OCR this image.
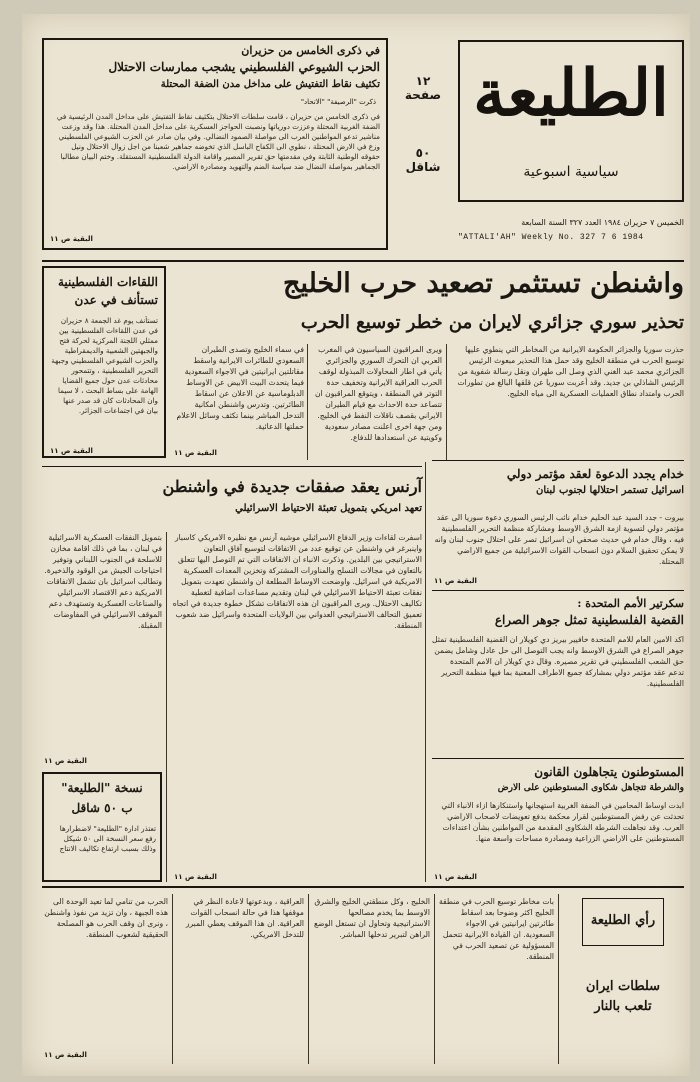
الطليعة
سياسية اسبوعية
١٢
صفحة
٥٠
شاقل
الخميس ٧ حزيران ١٩٨٤ العدد ٣٢٧ السنة السابعة
"ATTALI'AH" Weekly No. 327 7 6 1984
في ذكرى الخامس من حزيران
الحزب الشيوعي الفلسطيني يشجب ممارسات الاحتلال
تكثيف نقاط التفتيش على مداخل مدن الضفة المحتلة
ذكرت "الرصيفة" "الاتحاد"
في ذكرى الخامس من حزيران ، قامت سلطات الاحتلال بتكثيف نقاط التفتيش على مداخل المدن الرئيسية في الضفة الغربية المحتلة وعززت دورياتها ونصبت الحواجز العسكرية على مداخل المدن المحتلة. هذا وقد وزعت مناشير تدعو المواطنين العرب الى مواصلة الصمود النضالي. وفي بيان صادر عن الحزب الشيوعي الفلسطيني وزع في الارض المحتلة ، نطوي الى الكفاح الباسل الذي تخوضه جماهير شعبنا من اجل زوال الاحتلال ونيل حقوقه الوطنية الثابتة وفي مقدمتها حق تقرير المصير واقامة الدولة الفلسطينية المستقلة. وختم البيان مطالبا الجماهير بمواصلة النضال ضد سياسة الضم والتهويد ومصادرة الاراضي.
البقية ص ١١
اللقاءات الفلسطينية
تستأنف في عدن
تستأنف يوم غد الجمعة ٨ حزيران في عدن اللقاءات الفلسطينية بين ممثلي اللجنة المركزية لحركة فتح والجبهتين الشعبية والديمقراطية والحزب الشيوعي الفلسطيني وجبهة التحرير الفلسطينية ، وتتمحور محادثات عدن حول جميع القضايا الهامة على بساط البحث ، لا سيما وان المحادثات كان قد صدر عنها بيان في اجتماعات الجزائر.
البقية ص ١١
واشنطن تستثمر تصعيد حرب الخليج
تحذير سوري جزائري لايران من خطر توسيع الحرب
حذرت سوريا والجزائر الحكومة الايرانية من المخاطر التي ينطوي عليها توسيع الحرب في منطقة الخليج وقد حمل هذا التحذير مبعوث الرئيس الجزائري محمد عبد الغني الذي وصل الى طهران ونقل رسالة شفوية من الرئيس الشاذلي بن جديد. وقد أعربت سوريا عن قلقها البالغ من تطورات الحرب وامتداد نطاق العمليات العسكرية الى مياه الخليج.
ويرى المراقبون السياسيون في المغرب العربي ان التحرك السوري والجزائري يأتي في اطار المحاولات المبذولة لوقف الحرب العراقية الايرانية وتخفيف حدة التوتر في المنطقة ، ويتوقع المراقبون ان تتصاعد حدة الاحداث مع قيام الطيران الايراني بقصف ناقلات النفط في الخليج. ومن جهة اخرى اعلنت مصادر سعودية وكويتية عن استعدادها للدفاع.
في سماء الخليج وتصدى الطيران السعودي للطائرات الايرانية واسقط مقاتلتين ايرانيتين في الاجواء السعودية فيما يتحدث البيت الابيض عن الاوساط الدبلوماسية عن الاعلان عن اسقاط الطائرتين. وتدرس واشنطن امكانية التدخل المباشر بينما تكثف وسائل الاعلام حملتها الدعائية.
البقية ص ١١
خدام يجدد الدعوة لعقد مؤتمر دولي
اسرائيل تستمر احتلالها لجنوب لبنان
بيروت - جدد السيد عبد الحليم خدام نائب الرئيس السوري دعوة سوريا الى عقد مؤتمر دولي لتسوية ازمة الشرق الاوسط ومشاركة منظمة التحرير الفلسطينية فيه ، وقال خدام في حديث صحفي ان اسرائيل تصر على احتلال جنوب لبنان وانه لا يمكن تحقيق السلام دون انسحاب القوات الاسرائيلية من جميع الاراضي المحتلة.
البقية ص ١١
آرنس يعقد صفقات جديدة في واشنطن
تعهد امريكي بتمويل تعبئة الاحتياط الاسرائيلي
اسفرت لقاءات وزير الدفاع الاسرائيلي موشيه آرنس مع نظيره الامريكي كاسبار واينبرغر في واشنطن عن توقيع عدد من الاتفاقات لتوسيع آفاق التعاون الاستراتيجي بين البلدين. وذكرت الانباء ان الاتفاقات التي تم التوصل اليها تتعلق بالتعاون في مجالات التسلح والمناورات المشتركة وتخزين المعدات العسكرية الامريكية في اسرائيل. واوضحت الاوساط المطلعة ان واشنطن تعهدت بتمويل نفقات تعبئة الاحتياط الاسرائيلي في لبنان وتقديم مساعدات اضافية لتغطية تكاليف الاحتلال. ويرى المراقبون ان هذه الاتفاقات تشكل خطوة جديدة في اتجاه تعميق التحالف الاستراتيجي العدواني بين الولايات المتحدة واسرائيل ضد شعوب المنطقة.
البقية ص ١١
بتمويل النفقات العسكرية الاسرائيلية في لبنان ، بما في ذلك اقامة مخازن للاسلحة في الجنوب اللبناني وتوفير احتياجات الجيش من الوقود والذخيرة. وتطالب اسرائيل بان تشمل الاتفاقات الامريكية دعم الاقتصاد الاسرائيلي والصناعات العسكرية وتستهدف دعم الموقف الاسرائيلي في المفاوضات المقبلة.
البقية ص ١١
نسخة "الطليعة"
ب ٥٠ شاقل
تعتذر ادارة "الطليعة" لاضطرارها رفع سعر النسخة الى ٥٠ شيكل وذلك بسبب ارتفاع تكاليف الانتاج
سكرتير الأمم المتحدة :
القضية الفلسطينية تمثل جوهر الصراع
اكد الامين العام للامم المتحدة خافيير بيريز دي كويلار ان القضية الفلسطينية تمثل جوهر الصراع في الشرق الاوسط وانه يجب التوصل الى حل عادل وشامل يضمن حق الشعب الفلسطيني في تقرير مصيره. وقال دي كويلار ان الامم المتحدة تدعم عقد مؤتمر دولي بمشاركة جميع الاطراف المعنية بما فيها منظمة التحرير الفلسطينية.
المستوطنون يتجاهلون القانون
والشرطة تتجاهل شكاوى المستوطنين على الارض
ابدت اوساط المحامين في الضفة الغربية استهجانها واستنكارها ازاء الانباء التي تحدثت عن رفض المستوطنين لقرار محكمة بدفع تعويضات لاصحاب الاراضي العرب. وقد تجاهلت الشرطة الشكاوى المقدمة من المواطنين بشأن اعتداءات المستوطنين على الاراضي الزراعية ومصادرة مساحات واسعة منها.
البقية ص ١١
رأي الطليعة
سلطات ايران
تلعب بالنار
بات مخاطر توسيع الحرب في منطقة الخليج اكثر وضوحا بعد اسقاط طائرتين ايرانيتين في الاجواء السعودية. ان القيادة الايرانية تتحمل المسؤولية عن تصعيد الحرب في المنطقة.
الخليج ، وكل منطقتي الخليج والشرق الاوسط بما يخدم مصالحها الاستراتيجية وتحاول ان تستغل الوضع الراهن لتبرير تدخلها المباشر.
العراقية ، وبدعوتها لاعادة النظر في موقفها هذا في حالة انسحاب القوات العراقية. ان هذا الموقف يعطي المبرر للتدخل الامريكي.
الحرب من تنامي لما تعيد الوحدة الى هذه الجبهة ، وان تزيد من نفوذ واشنطن ، ونرى ان وقف الحرب هو المصلحة الحقيقية لشعوب المنطقة.
البقية ص ١١
